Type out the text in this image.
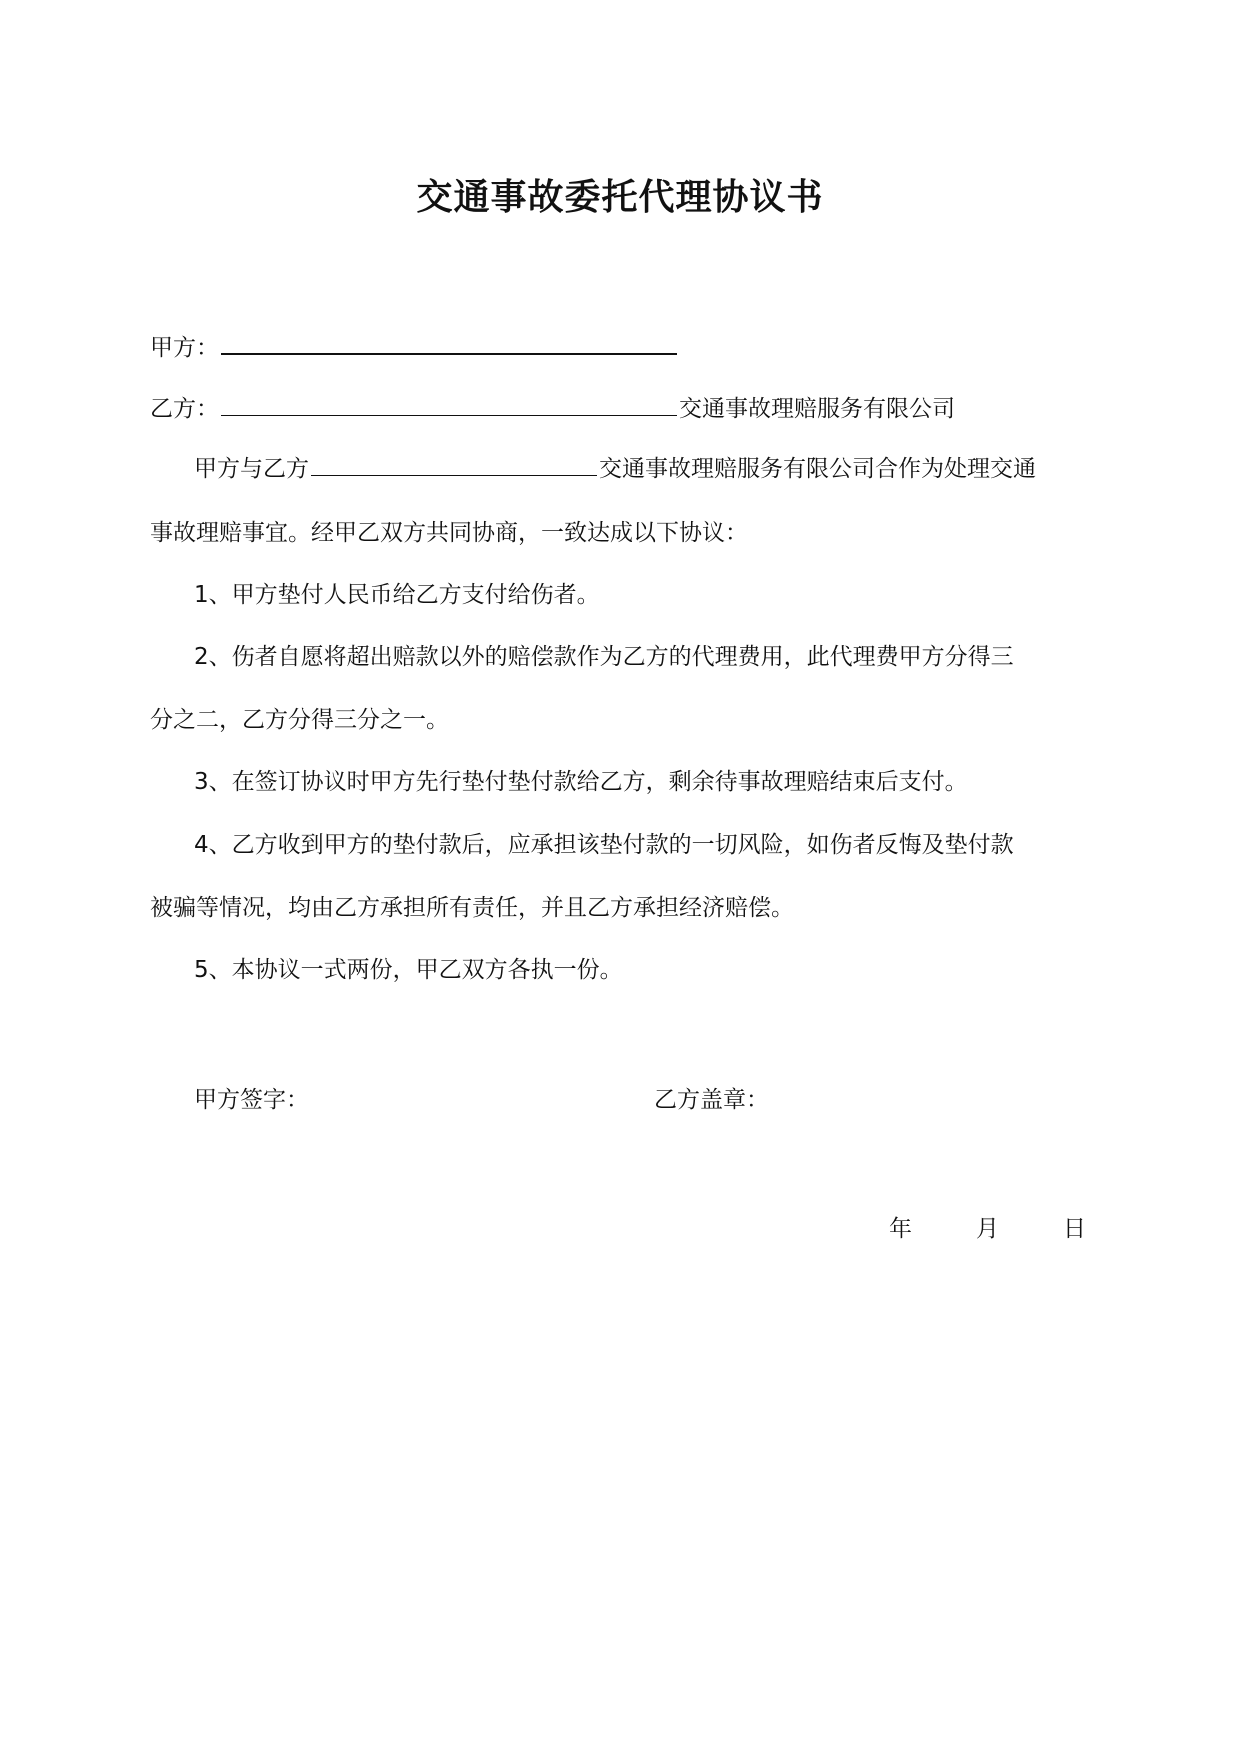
交通事故委托代理协议书
甲方：
乙方：	交通事故理赔服务有限公司
甲方与乙方	交通事故理赔服务有限公司合作为处理交通
事故理赔事宜。经甲乙双方共同协商，一致达成以下协议：
1、甲方垫付人民币给乙方支付给伤者。
2、伤者自愿将超出赔款以外的赔偿款作为乙方的代理费用，此代理费甲方分得三
分之二，乙方分得三分之一。
3、在签订协议时甲方先行垫付垫付款给乙方，剩余待事故理赔结束后支付。
4、乙方收到甲方的垫付款后，应承担该垫付款的一切风险，如伤者反悔及垫付款
被骗等情况，均由乙方承担所有责任，并且乙方承担经济赔偿。
5、本协议一式两份，甲乙双方各执一份。
甲方签字：	乙方盖章：
年	月	日
